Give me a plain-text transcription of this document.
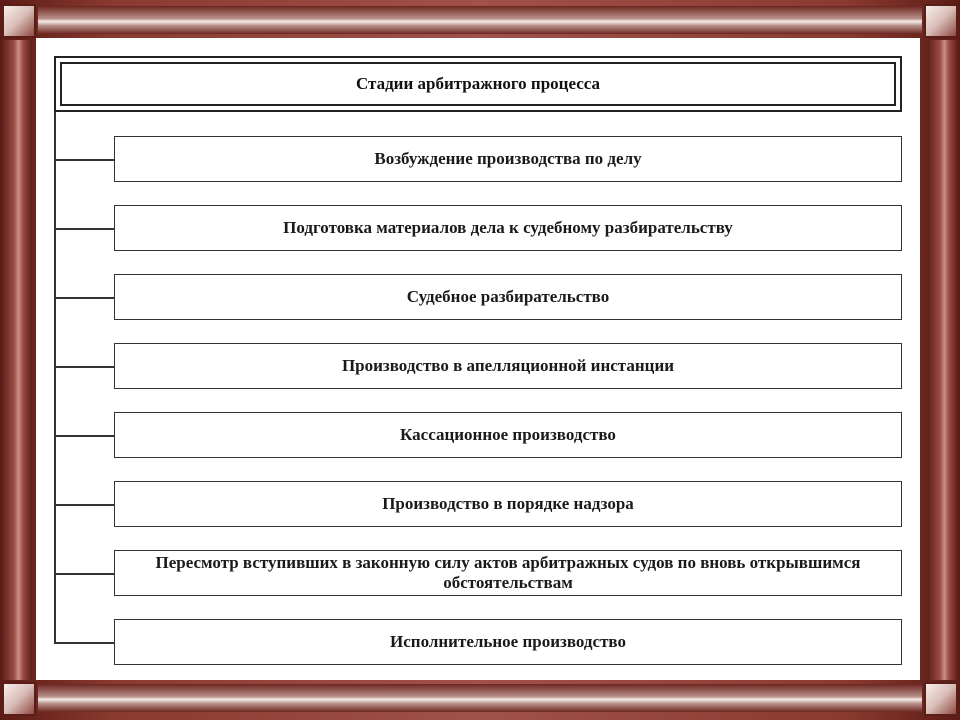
Стадии арбитражного процесса
Возбуждение производства по делу
Подготовка материалов дела к судебному разбирательству
Судебное разбирательство
Производство в апелляционной инстанции
Кассационное производство
Производство в порядке надзора
Пересмотр вступивших в законную силу актов арбитражных судов по вновь открывшимся обстоятельствам
Исполнительное производство
